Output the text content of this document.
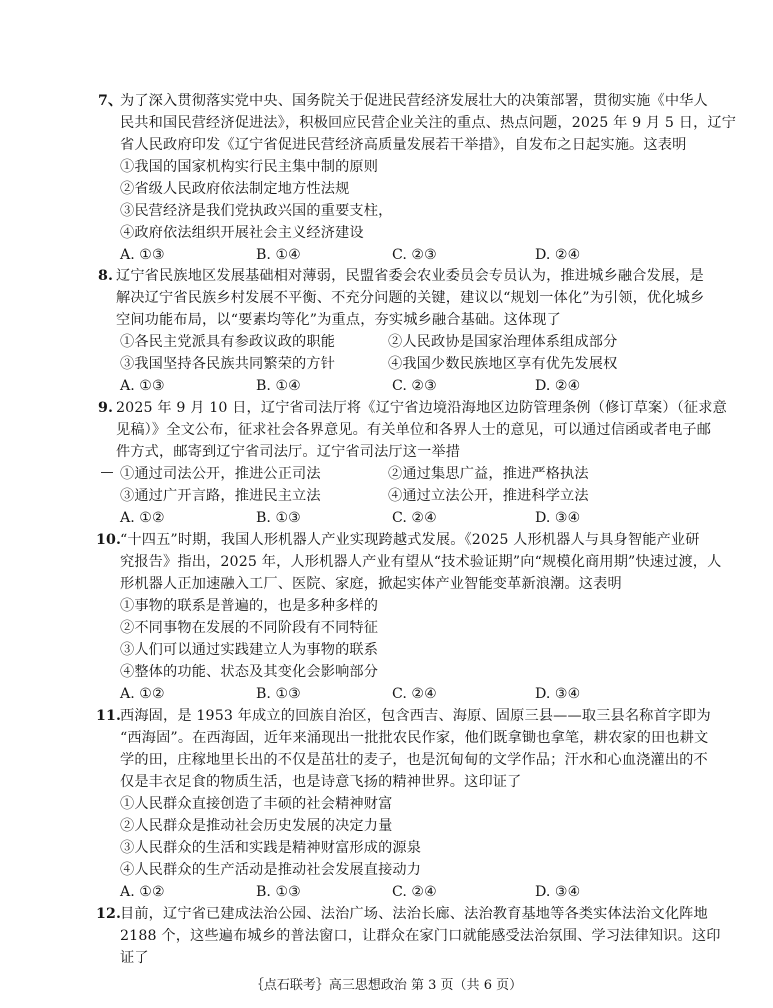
7、
为了深入贯彻落实党中央、国务院关于促进民营经济发展壮大的决策部署，贯彻实施《中华人
民共和国民营经济促进法》，积极回应民营企业关注的重点、热点问题，2025 年 9 月 5 日，辽宁
省人民政府印发《辽宁省促进民营经济高质量发展若干举措》，自发布之日起实施。这表明
①我国的国家机构实行民主集中制的原则
②省级人民政府依法制定地方性法规
③民营经济是我们党执政兴国的重要支柱，
④政府依法组织开展社会主义经济建设
A. ①③	B. ①④	C. ②③	D. ②④
8. 辽宁省民族地区发展基础相对薄弱，民盟省委会农业委员会专员认为，推进城乡融合发展，是
解决辽宁省民族乡村发展不平衡、不充分问题的关键，建议以“规划一体化”为引领，优化城乡
空间功能布局，以“要素均等化”为重点，夯实城乡融合基础。这体现了
①各民主党派具有参政议政的职能	②人民政协是国家治理体系组成部分
③我国坚持各民族共同繁荣的方针	④我国少数民族地区享有优先发展权
A. ①③	B. ①④	C. ②③	D. ②④
9. 2025 年 9 月 10 日，辽宁省司法厅将《辽宁省边境沿海地区边防管理条例（修订草案）（征求意
见稿）》全文公布，征求社会各界意见。有关单位和各界人士的意见，可以通过信函或者电子邮
件方式，邮寄到辽宁省司法厅。辽宁省司法厅这一举措
①通过司法公开，推进公正司法	②通过集思广益，推进严格执法
③通过广开言路，推进民主立法	④通过立法公开，推进科学立法
A. ①②	B. ①③	C. ②④	D. ③④
10.
“十四五”时期，我国人形机器人产业实现跨越式发展。《2025 人形机器人与具身智能产业研
究报告》指出，2025 年，人形机器人产业有望从“技术验证期”向“规模化商用期”快速过渡，人
形机器人正加速融入工厂、医院、家庭，掀起实体产业智能变革新浪潮。这表明
①事物的联系是普遍的，也是多种多样的
②不同事物在发展的不同阶段有不同特征
③人们可以通过实践建立人为事物的联系
④整体的功能、状态及其变化会影响部分
A. ①②	B. ①③	C. ②④	D. ③④
11.
西海固，是 1953 年成立的回族自治区，包含西吉、海原、固原三县——取三县名称首字即为
“西海固”。在西海固，近年来涌现出一批批农民作家，他们既拿锄也拿笔，耕农家的田也耕文
学的田，庄稼地里长出的不仅是茁壮的麦子，也是沉甸甸的文学作品；汗水和心血浇灌出的不
仅是丰衣足食的物质生活，也是诗意飞扬的精神世界。这印证了
①人民群众直接创造了丰硕的社会精神财富
②人民群众是推动社会历史发展的决定力量
③人民群众的生活和实践是精神财富形成的源泉
④人民群众的生产活动是推动社会发展直接动力
A. ①②	B. ①③	C. ②④	D. ③④
12.
目前，辽宁省已建成法治公园、法治广场、法治长廊、法治教育基地等各类实体法治文化阵地
2188 个，这些遍布城乡的普法窗口，让群众在家门口就能感受法治氛围、学习法律知识。这印
证了
｛点石联考｝高三思想政治 第 3 页（共 6 页）
